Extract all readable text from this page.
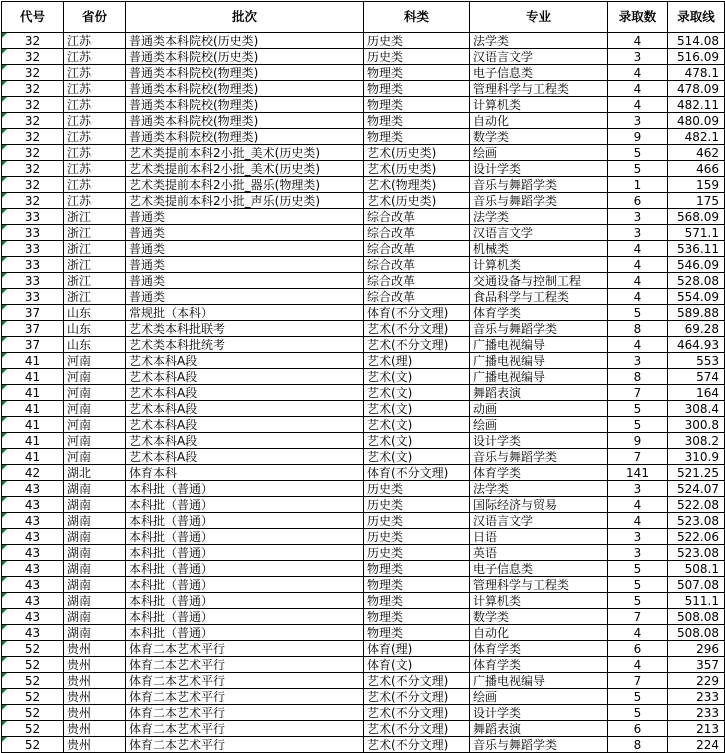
代号	省份	批次	科类	专业	录取数	录取线
32	江苏	普通类本科院校(历史类)	历史类	法学类	4	514.08
32	江苏	普通类本科院校(历史类)	历史类	汉语言文学	3	516.09
32	江苏	普通类本科院校(物理类)	物理类	电子信息类	4	478.1
32	江苏	普通类本科院校(物理类)	物理类	管理科学与工程类	4	478.09
32	江苏	普通类本科院校(物理类)	物理类	计算机类	4	482.11
32	江苏	普通类本科院校(物理类)	物理类	自动化	3	480.09
32	江苏	普通类本科院校(物理类)	物理类	数学类	9	482.1
32	江苏	艺术类提前本科2小批_美术(历史类)	艺术(历史类)	绘画	5	462
32	江苏	艺术类提前本科2小批_美术(历史类)	艺术(历史类)	设计学类	5	466
32	江苏	艺术类提前本科2小批_器乐(物理类)	艺术(物理类)	音乐与舞蹈学类	1	159
32	江苏	艺术类提前本科2小批_声乐(历史类)	艺术(历史类)	音乐与舞蹈学类	6	175
33	浙江	普通类	综合改革	法学类	3	568.09
33	浙江	普通类	综合改革	汉语言文学	3	571.1
33	浙江	普通类	综合改革	机械类	4	536.11
33	浙江	普通类	综合改革	计算机类	4	546.09
33	浙江	普通类	综合改革	交通设备与控制工程	4	528.08
33	浙江	普通类	综合改革	食品科学与工程类	4	554.09
37	山东	常规批（本科）	体育(不分文理)	体育学类	5	589.88
37	山东	艺术类本科批联考	艺术(不分文理)	音乐与舞蹈学类	8	69.28
37	山东	艺术类本科批统考	艺术(不分文理)	广播电视编导	4	464.93
41	河南	艺术本科A段	艺术(理)	广播电视编导	3	553
41	河南	艺术本科A段	艺术(文)	广播电视编导	8	574
41	河南	艺术本科A段	艺术(文)	舞蹈表演	7	164
41	河南	艺术本科A段	艺术(文)	动画	5	308.4
41	河南	艺术本科A段	艺术(文)	绘画	5	300.8
41	河南	艺术本科A段	艺术(文)	设计学类	9	308.2
41	河南	艺术本科A段	艺术(文)	音乐与舞蹈学类	7	310.9
42	湖北	体育本科	体育(不分文理)	体育学类	141	521.25
43	湖南	本科批（普通）	历史类	法学类	3	524.07
43	湖南	本科批（普通）	历史类	国际经济与贸易	4	522.08
43	湖南	本科批（普通）	历史类	汉语言文学	4	523.08
43	湖南	本科批（普通）	历史类	日语	3	522.06
43	湖南	本科批（普通）	历史类	英语	3	523.08
43	湖南	本科批（普通）	物理类	电子信息类	5	508.1
43	湖南	本科批（普通）	物理类	管理科学与工程类	5	507.08
43	湖南	本科批（普通）	物理类	计算机类	5	511.1
43	湖南	本科批（普通）	物理类	数学类	7	508.08
43	湖南	本科批（普通）	物理类	自动化	4	508.08
52	贵州	体育二本艺术平行	体育(理)	体育学类	6	296
52	贵州	体育二本艺术平行	体育(文)	体育学类	4	357
52	贵州	体育二本艺术平行	艺术(不分文理)	广播电视编导	7	229
52	贵州	体育二本艺术平行	艺术(不分文理)	绘画	5	233
52	贵州	体育二本艺术平行	艺术(不分文理)	设计学类	5	233
52	贵州	体育二本艺术平行	艺术(不分文理)	舞蹈表演	6	213
52	贵州	体育二本艺术平行	艺术(不分文理)	音乐与舞蹈学类	8	224
